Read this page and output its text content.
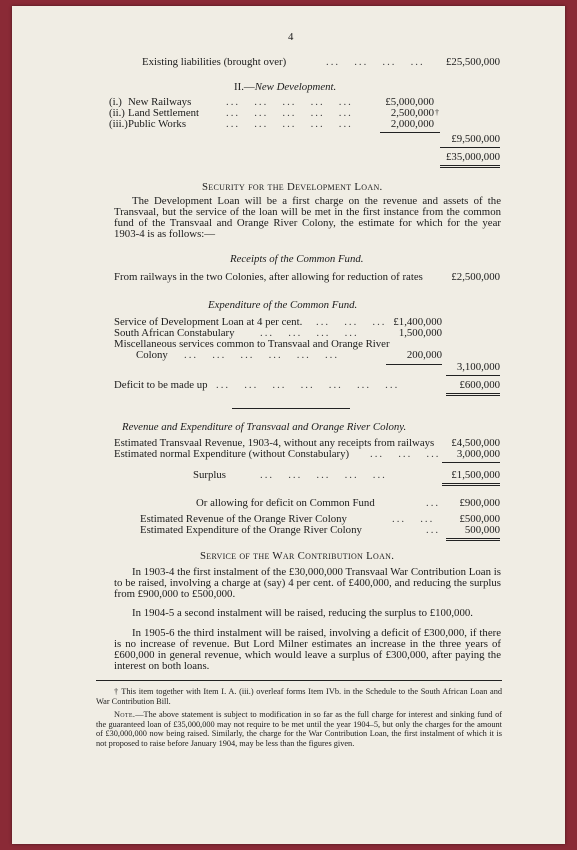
4
Existing liabilities (brought over)	...   ...   ...   ...	£25,500,000
II.—New Development.
(i.) New Railways	...   ...   ...   ...   ...	£5,000,000
(ii.) Land Settlement ...   ...   ...   ...   ...	2,500,000 †
(iii.) Public Works	...   ...   ...   ...   ...	2,000,000
£9,500,000
£35,000,000
Security for the Development Loan.
The Development Loan will be a first charge on the revenue and assets of the Transvaal, but the service of the loan will be met in the first instance from the common fund of the Transvaal and Orange River Colony, the estimate for which for the year 1903-4 is as follows:—
Receipts of the Common Fund.
From railways in the two Colonies, after allowing for reduction of rates	£2,500,000
Expenditure of the Common Fund.
Service of Development Loan at 4 per cent. ...   ...   ... £1,400,000
South African Constabulary ...   ...   ...   ...	1,500,000
Miscellaneous services common to Transvaal and Orange River
Colony ...   ...   ...   ...   ...   ...	200,000
3,100,000
Deficit to be made up ...   ...   ...   ...   ...   ...   ...	£600,000
Revenue and Expenditure of Transvaal and Orange River Colony.
Estimated Transvaal Revenue, 1903-4, without any receipts from railways	£4,500,000
Estimated normal Expenditure (without Constabulary) ...   ...   ...	3,000,000
Surplus	...   ...   ...   ...   ...	£1,500,000
Or allowing for deficit on Common Fund	...	£900,000
Estimated Revenue of the Orange River Colony	...   ...	£500,000
Estimated Expenditure of the Orange River Colony	...	500,000
Service of the War Contribution Loan.
In 1903-4 the first instalment of the £30,000,000 Transvaal War Contribution Loan is to be raised, involving a charge at (say) 4 per cent. of £400,000, and reducing the surplus from £900,000 to £500,000.
In 1904-5 a second instalment will be raised, reducing the surplus to £100,000.
In 1905-6 the third instalment will be raised, involving a deficit of £300,000, if there is no increase of revenue. But Lord Milner estimates an increase in the three years of £600,000 in general revenue, which would leave a surplus of £300,000, after paying the interest on both loans.
† This item together with Item I. A. (iii.) overleaf forms Item IVb. in the Schedule to the South African Loan and War Contribution Bill.
Note.—The above statement is subject to modification in so far as the full charge for interest and sinking fund of the guaranteed loan of £35,000,000 may not require to be met until the year 1904–5, but only the charges for the amount of £30,000,000 now being raised. Similarly, the charge for the War Contribution Loan, the first instalment of which it is not proposed to raise before January 1904, may be less than the figures given.
